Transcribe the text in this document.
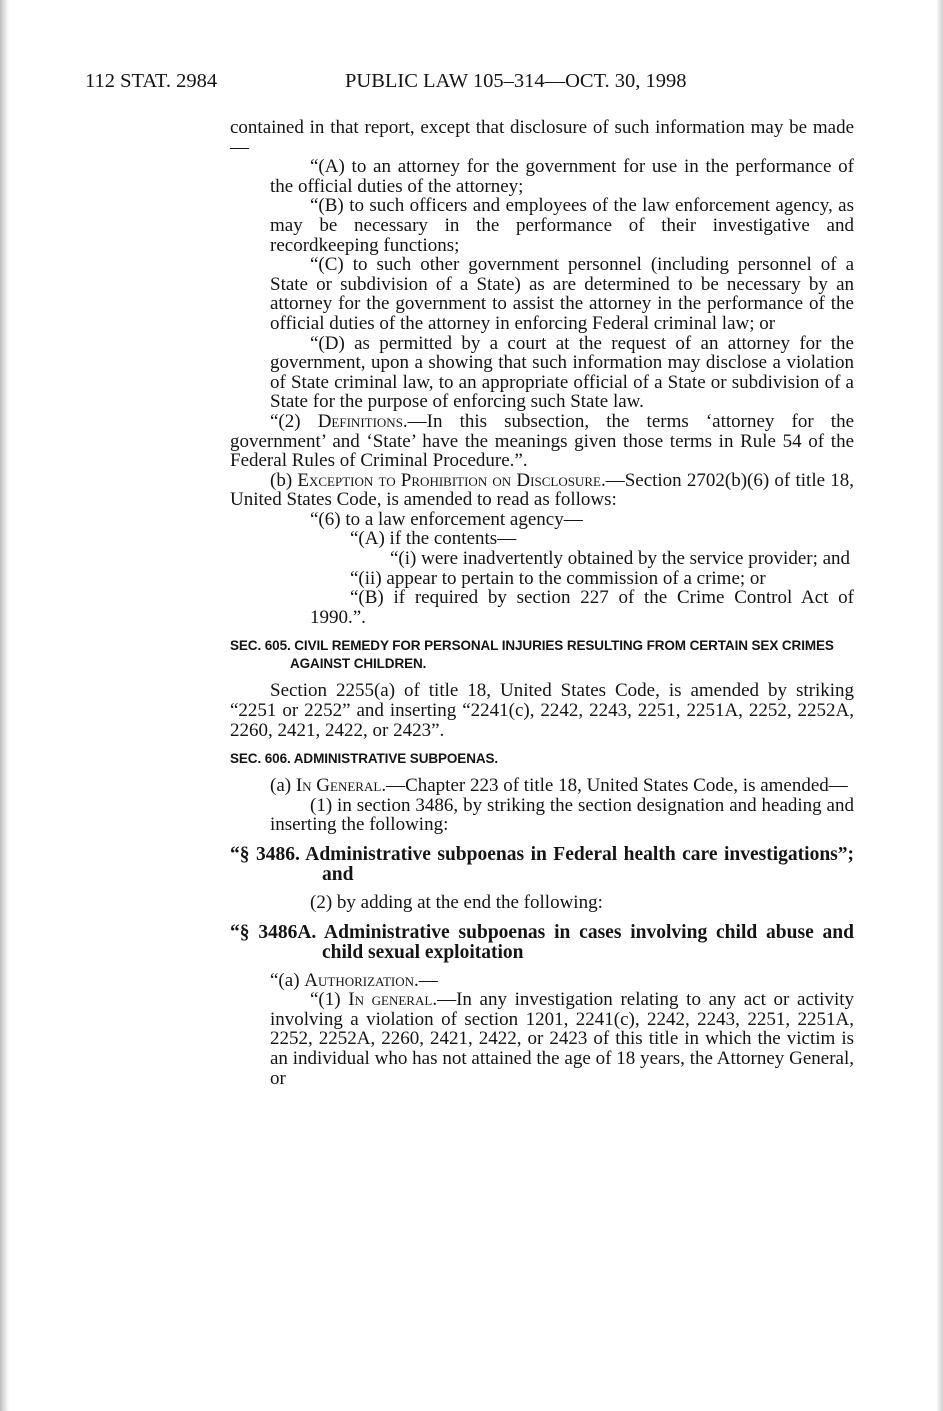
112 STAT. 2984	PUBLIC LAW 105–314—OCT. 30, 1998

contained in that report, except that disclosure of such information may be made—

“(A) to an attorney for the government for use in the performance of the official duties of the attorney;

“(B) to such officers and employees of the law enforcement agency, as may be necessary in the performance of their investigative and recordkeeping functions;

“(C) to such other government personnel (including personnel of a State or subdivision of a State) as are determined to be necessary by an attorney for the government to assist the attorney in the performance of the official duties of the attorney in enforcing Federal criminal law; or

“(D) as permitted by a court at the request of an attorney for the government, upon a showing that such information may disclose a violation of State criminal law, to an appropriate official of a State or subdivision of a State for the purpose of enforcing such State law.

“(2) Definitions.—In this subsection, the terms ‘attorney for the government’ and ‘State’ have the meanings given those terms in Rule 54 of the Federal Rules of Criminal Procedure.”.

(b) Exception to Prohibition on Disclosure.—Section 2702(b)(6) of title 18, United States Code, is amended to read as follows:

“(6) to a law enforcement agency—

“(A) if the contents—

“(i) were inadvertently obtained by the service provider; and

“(ii) appear to pertain to the commission of a crime; or

“(B) if required by section 227 of the Crime Control Act of 1990.”.

SEC. 605. CIVIL REMEDY FOR PERSONAL INJURIES RESULTING FROM CERTAIN SEX CRIMES AGAINST CHILDREN.

Section 2255(a) of title 18, United States Code, is amended by striking “2251 or 2252” and inserting “2241(c), 2242, 2243, 2251, 2251A, 2252, 2252A, 2260, 2421, 2422, or 2423”.

SEC. 606. ADMINISTRATIVE SUBPOENAS.

(a) In General.—Chapter 223 of title 18, United States Code, is amended—

(1) in section 3486, by striking the section designation and heading and inserting the following:

“§ 3486. Administrative subpoenas in Federal health care investigations”; and

(2) by adding at the end the following:

“§ 3486A. Administrative subpoenas in cases involving child abuse and child sexual exploitation

“(a) Authorization.—

“(1) In general.—In any investigation relating to any act or activity involving a violation of section 1201, 2241(c), 2242, 2243, 2251, 2251A, 2252, 2252A, 2260, 2421, 2422, or 2423 of this title in which the victim is an individual who has not attained the age of 18 years, the Attorney General, or
